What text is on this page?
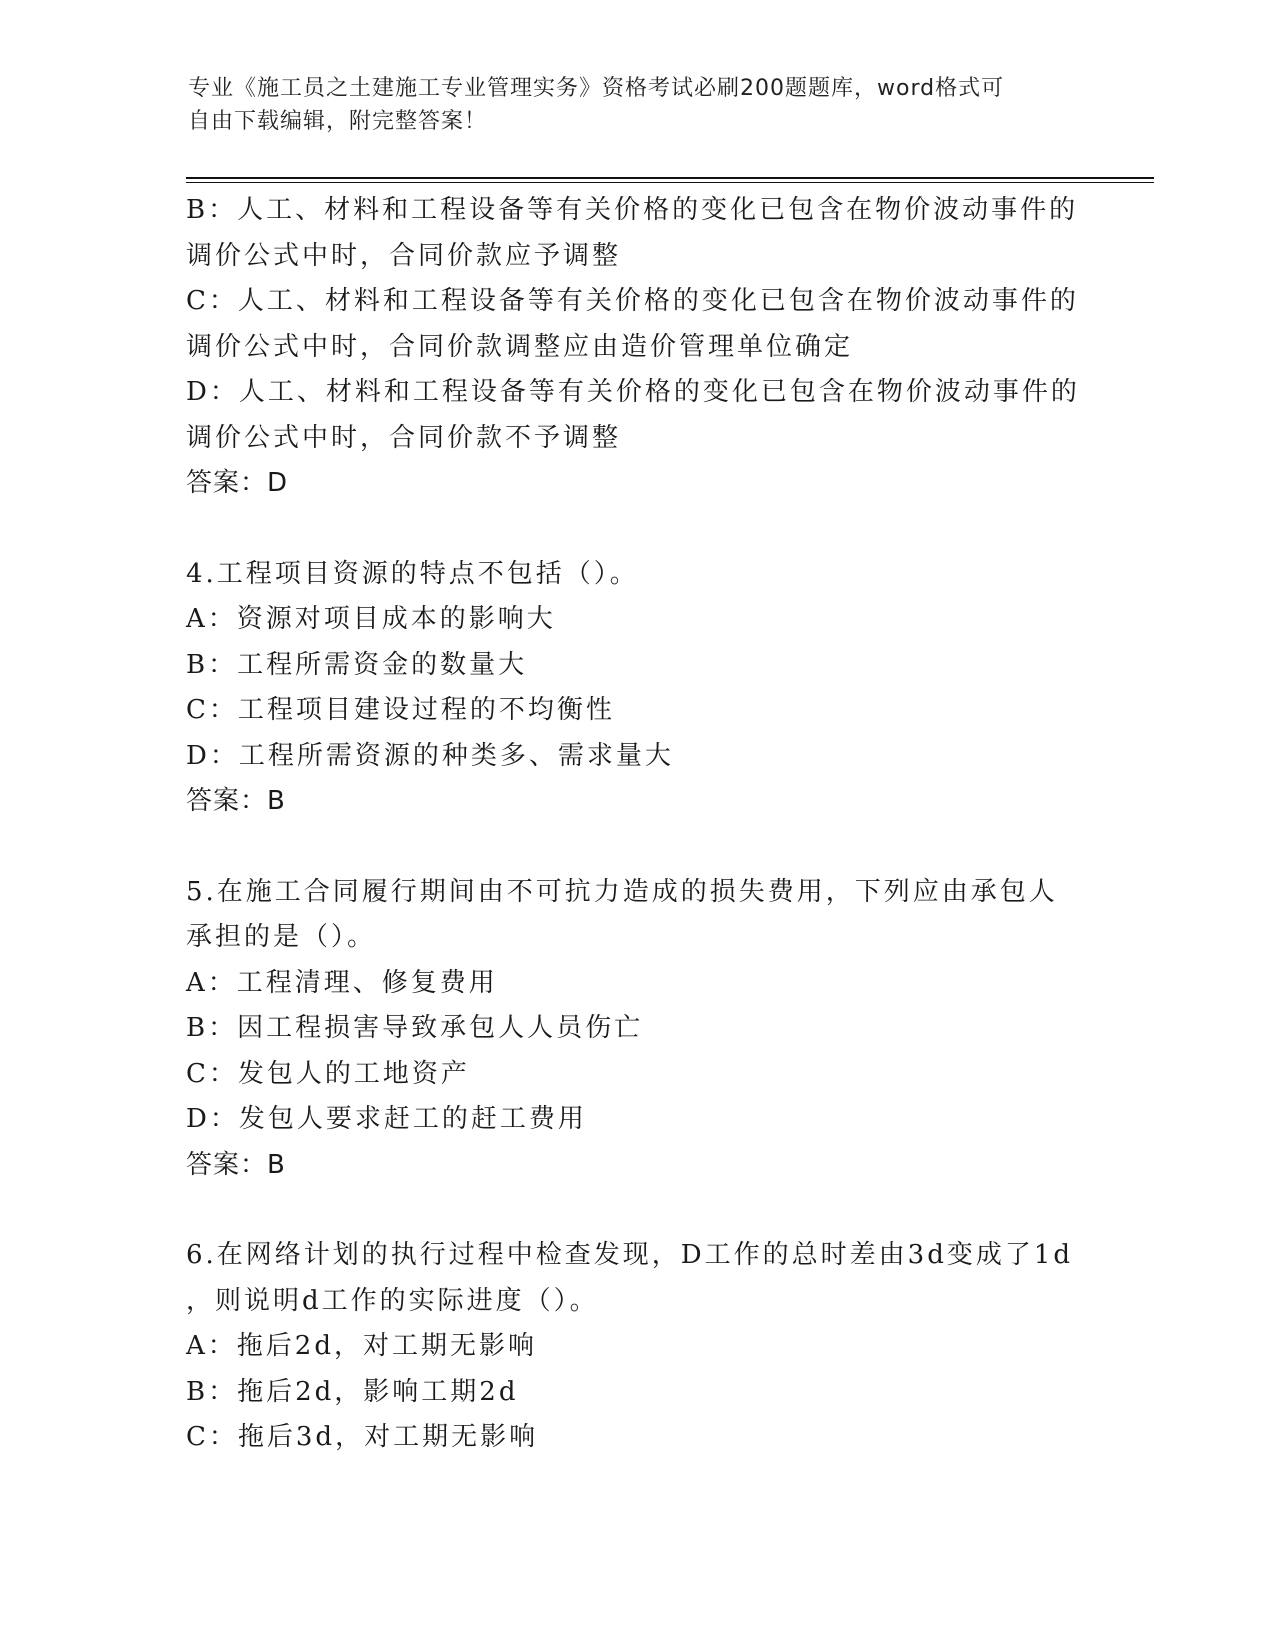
专业《施工员之土建施工专业管理实务》资格考试必刷200题题库，word格式可
自由下载编辑，附完整答案！
B：人工、材料和工程设备等有关价格的变化已包含在物价波动事件的
调价公式中时，合同价款应予调整
C：人工、材料和工程设备等有关价格的变化已包含在物价波动事件的
调价公式中时，合同价款调整应由造价管理单位确定
D：人工、材料和工程设备等有关价格的变化已包含在物价波动事件的
调价公式中时，合同价款不予调整
答案：D
4.工程项目资源的特点不包括（）。
A：资源对项目成本的影响大
B：工程所需资金的数量大
C：工程项目建设过程的不均衡性
D：工程所需资源的种类多、需求量大
答案：B
5.在施工合同履行期间由不可抗力造成的损失费用，下列应由承包人
承担的是（）。
A：工程清理、修复费用
B：因工程损害导致承包人人员伤亡
C：发包人的工地资产
D：发包人要求赶工的赶工费用
答案：B
6.在网络计划的执行过程中检查发现，D工作的总时差由3d变成了1d
，则说明d工作的实际进度（）。
A：拖后2d，对工期无影响
B：拖后2d，影响工期2d
C：拖后3d，对工期无影响
